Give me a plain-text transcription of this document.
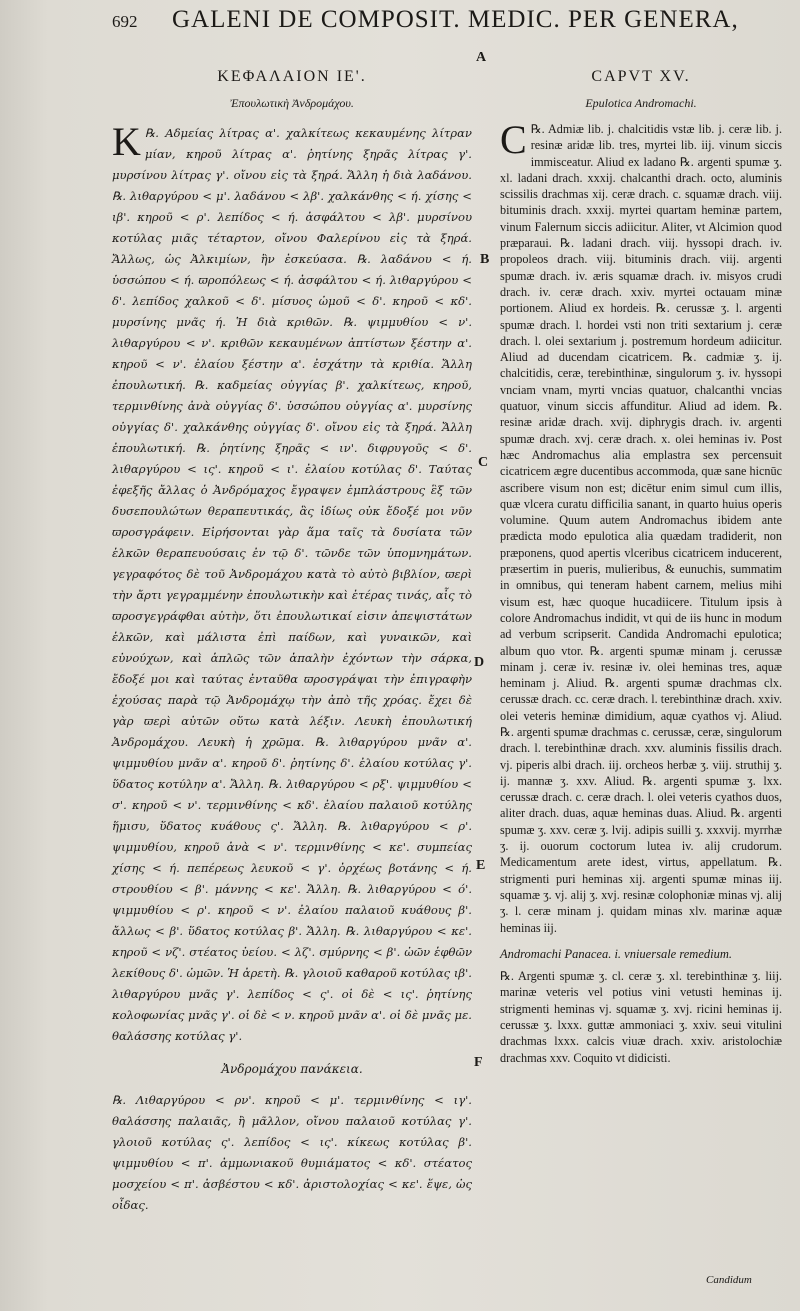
692 GALENI DE COMPOSIT. MEDIC. PER GENERA,
ΚΕΦΑΛΑΙΟΝ ΙΕ'.
Ἐπουλωτικὴ Ἀνδρομάχου.

Κ ℞. Αδμείας λίτρας α'. χαλκίτεως κεκαυμένης λίτραν μίαν, κηρoῦ λίτρας α'. ῥητίνης ξηρᾶς λίτρας γ'. μυρσίνου λίτρας γ'. οἴνου εἰς τὰ ξηρά. Ἄλλη ἡ διὰ λαδάνου. ℞. λιθαργύρου < μ'. λαδάνου < λβ'. χαλκάνθης < ή. χίσης < ιβ'. κηρoῦ < ρ'. λεπίδος < ή. ἀσφάλτου < λβ'. μυρσίνου κοτύλας μιᾶς τέταρτον, οἴνου Φαλερίνου εἰς τὰ ξηρά. Ἄλλως, ὡς Ἀλκιμίων, ἣν ἐσκεύασα. ℞. λαδάνου < ή. ὑσσώπου < ή. ϖροπόλεως < ή. ἀσφάλτου < ή. λιθαργύρου < δ'. λεπίδος χαλκοῦ < δ'. μίσυος ὠμοῦ < δ'. κηρoῦ < κδ'. μυρσίνης μνᾶς ή. Ἡ διὰ κριθῶν. ℞. ψιμμυθίου < ν'. λιθαργύρου < ν'. κριθῶν κεκαυμένων ἀπτίστων ξέστην α'. κηρoῦ < ν'. ἐλαίου ξέστην α'. ἐσχάτην τὰ κριθία. Ἄλλη ἐπουλωτική. ℞. καδμείας οὐγγίας β'. χαλκίτεως, κηρoῦ, τερμινθίνης ἀνὰ οὐγγίας δ'. ὑσσώπου οὐγγίας α'. μυρσίνης οὐγγίας δ'. χαλκάνθης οὐγγίας δ'. οἴνου εἰς τὰ ξηρά. Ἄλλη ἐπουλωτική. ℞. ῥητίνης ξηρᾶς < ιν'. διφρυγοῦς < δ'. λιθαργύρου < ις'. κηρoῦ < ι'. ἐλαίου κοτύλας δ'. Ταύτας ἐφεξῆς ἄλλας ὁ Ἀνδρόμαχος ἔγραψεν ἐμπλάστρους ἓξ τῶν δυσεπουλώτων θεραπευτικάς, ἃς ἰδίως οὐκ ἔδοξέ μοι νῦν ϖροσγράφειν. Εἰρήσονται γὰρ ἅμα ταῖς τὰ δυσίατα τῶν ἑλκῶν θεραπευούσαις ἐν τῷ δ'. τῶνδε τῶν ὑπομνημάτων. γεγραφότος δὲ τοῦ Ἀνδρομάχου κατὰ τὸ αὐτὸ βιβλίον, ϖερὶ τὴν ἄρτι γεγραμμένην ἐπουλωτικὴν καὶ ἑτέρας τινάς, αἷς τὸ ϖροσγεγράφθαι αὐτὴν, ὅτι ἐπουλωτικαί εἰσιν ἀπεψιστάτων ἑλκῶν, καὶ μάλιστα ἐπὶ παίδων, καὶ γυναικῶν, καὶ εὐνούχων, καὶ ἁπλῶς τῶν ἁπαλὴν ἐχόντων τὴν σάρκα, ἔδοξέ μοι καὶ ταύτας ἐνταῦθα ϖροσγράψαι τὴν ἐπιγραφὴν ἐχούσας παρὰ τῷ Ἀνδρομάχῳ τὴν ἀπὸ τῆς χρόας. ἔχει δὲ γὰρ ϖερὶ αὐτῶν οὕτω κατὰ λέξιν. Λευκὴ ἐπουλωτική Ἀνδρομάχου. Λευκὴ ἡ χρῶμα. ℞. λιθαργύρου μνᾶν α'. ψιμμυθίου μνᾶν α'. κηρoῦ δ'. ῥητίνης δ'. ἐλαίου κοτύλας γ'. ὕδατος κοτύλην α'. Ἄλλη. ℞. λιθαργύρου < ρξ'. ψιμμυθίου < σ'. κηρoῦ < ν'. τερμινθίνης < κδ'. ἐλαίου παλαιοῦ κοτύλης ἥμισυ, ὕδατος κυάθους ς'. Ἄλλη. ℞. λιθαργύρου < ρ'. ψιμμυθίου, κηρoῦ ἀνὰ < ν'. τερμινθίνης < κε'. συμπείας χίσης < ή. πεπέρεως λευκοῦ < γ'. ὀρχέως βοτάνης < ή. στρουθίου < β'. μάννης < κε'. Ἄλλη. ℞. λιθαργύρου < ό'. ψιμμυθίου < ρ'. κηρoῦ < ν'. ἐλαίου παλαιοῦ κυάθους β'. ἄλλως < β'. ὕδατος κοτύλας β'. Ἄλλη. ℞. λιθαργύρου < κε'. κηρoῦ < νζ'. στέατος ὑείου. < λζ'. σμύρνης < β'. ὠῶν ἑφθῶν λεκίθους δ'. ὠμῶν. Ἡ ἀρετὴ. ℞. γλοιοῦ καθαροῦ κοτύλας ιβ'. λιθαργύρου μνᾶς γ'. λεπίδος < ς'. οἱ δὲ < ις'. ῥητίνης κολοφωνίας μνᾶς γ'. οἱ δὲ < ν. κηρoῦ μνᾶν α'. οἱ δὲ μνᾶς με. θαλάσσης κοτύλας γ'.

Ἀνδρομάχου πανάκεια.

℞. Λιθαργύρου < ρν'. κηρoῦ < μ'. τερμινθίνης < ιγ'. θαλάσσης παλαιᾶς, ἢ μᾶλλον, οἴνου παλαιοῦ κοτύλας γ'. γλοιοῦ κοτύλας ς'. λεπίδος < ις'. κίκεως κοτύλας β'. ψιμμυθίου < π'. ἀμμωνιακοῦ θυμιάματος < κδ'. στέατος μοσχείου < π'. ἀσβέστου < κδ'. ἀριστολοχίας < κε'. ἕψε, ὡς οἶδας.

CAPVT XV.
Epulotica Andromachi.

C ℞. Admiæ lib. j. chalcitidis vstæ lib. j. ceræ lib. j. resinæ aridæ lib. tres, myrtei lib. iij. vinum siccis immisceatur. Aliud ex ladano ℞. argenti spumæ ʒ. xl. ladani drach. xxxij. chalcanthi drach. octo, aluminis scissilis drachmas xij. ceræ drach. c. squamæ drach. viij. bituminis drach. xxxij. myrtei quartam heminæ partem, vinum Falernum siccis adiicitur. Aliter, vt Alcimion quod præparaui. ℞. ladani drach. viij. hyssopi drach. iv. propoleos drach. viij. bituminis drach. viij. argenti spumæ drach. iv. æris squamæ drach. iv. misyos crudi drach. iv. ceræ drach. xxiv. myrtei octauam minæ portionem. Aliud ex hordeis. ℞. cerussæ ʒ. l. argenti spumæ drach. l. hordei vsti non triti sextarium j. ceræ drach. l. olei sextarium j. postremum hordeum adiicitur. Aliud ad ducendam cicatricem. ℞. cadmiæ ʒ. ij. chalcitidis, ceræ, terebinthinæ, singulorum ʒ. iv. hyssopi vnciam vnam, myrti vncias quatuor, chalcanthi vncias quatuor, vinum siccis affunditur. Aliud ad idem. ℞. resinæ aridæ drach. xvij. diphrygis drach. iv. argenti spumæ drach. xvj. ceræ drach. x. olei heminas iv. Post hæc Andromachus alia emplastra sex percensuit cicatricem ægre ducentibus accommoda, quæ sane hicnūc ascribere visum non est; dicētur enim simul cum illis, quæ vlcera curatu difficilia sanant, in quarto huius operis volumine. Quum autem Andromachus ibidem ante prædicta modo epulotica alia quædam tradiderit, non præponens, quod apertis vlceribus cicatricem inducerent, præsertim in pueris, mulieribus, & eunuchis, summatim in omnibus, qui teneram habent carnem, melius mihi visum est, hæc quoque hucadiicere. Titulum ipsis à colore Andromachus indidit, vt qui de iis hunc in modum ad verbum scripserit. Candida Andromachi epulotica; album quo vtor. ℞. argenti spumæ minam j. cerussæ minam j. ceræ iv. resinæ iv. olei heminas tres, aquæ heminam j. Aliud. ℞. argenti spumæ drachmas clx. cerussæ drach. cc. ceræ drach. l. terebinthinæ drach. xxiv. olei veteris heminæ dimidium, aquæ cyathos vj. Aliud. ℞. argenti spumæ drachmas c. cerussæ, ceræ, singulorum drach. l. terebinthinæ drach. xxv. aluminis fissilis drach. vj. piperis albi drach. iij. orcheos herbæ ʒ. viij. struthij ʒ. ij. mannæ ʒ. xxv. Aliud. ℞. argenti spumæ ʒ. lxx. cerussæ drach. c. ceræ drach. l. olei veteris cyathos duos, aliter drach. duas, aquæ heminas duas. Aliud. ℞. argenti spumæ ʒ. xxv. ceræ ʒ. lvij. adipis suilli ʒ. xxxvij. myrrhæ ʒ. ij. ouorum coctorum lutea iv. alij crudorum. Medicamentum arete idest, virtus, appellatum. ℞. strigmenti puri heminas xij. argenti spumæ minas iij. squamæ ʒ. vj. alij ʒ. xvj. resinæ colophoniæ minas vj. alij ʒ. l. ceræ minam j. quidam minas xlv. marinæ aquæ heminas iij.

Andromachi Panacea. i. vniuersale remedium.

℞. Argenti spumæ ʒ. cl. ceræ ʒ. xl. terebinthinæ ʒ. liij. marinæ veteris vel potius vini vetusti heminas ij. strigmenti heminas vj. squamæ ʒ. xvj. ricini heminas ij. cerussæ ʒ. lxxx. guttæ ammoniaci ʒ. xxiv. seui vitulini drachmas lxxx. calcis viuæ drach. xxiv. aristolochiæ drachmas xxv. Coquito vt didicisti.

A
B
C
D
E
F
Candidum
